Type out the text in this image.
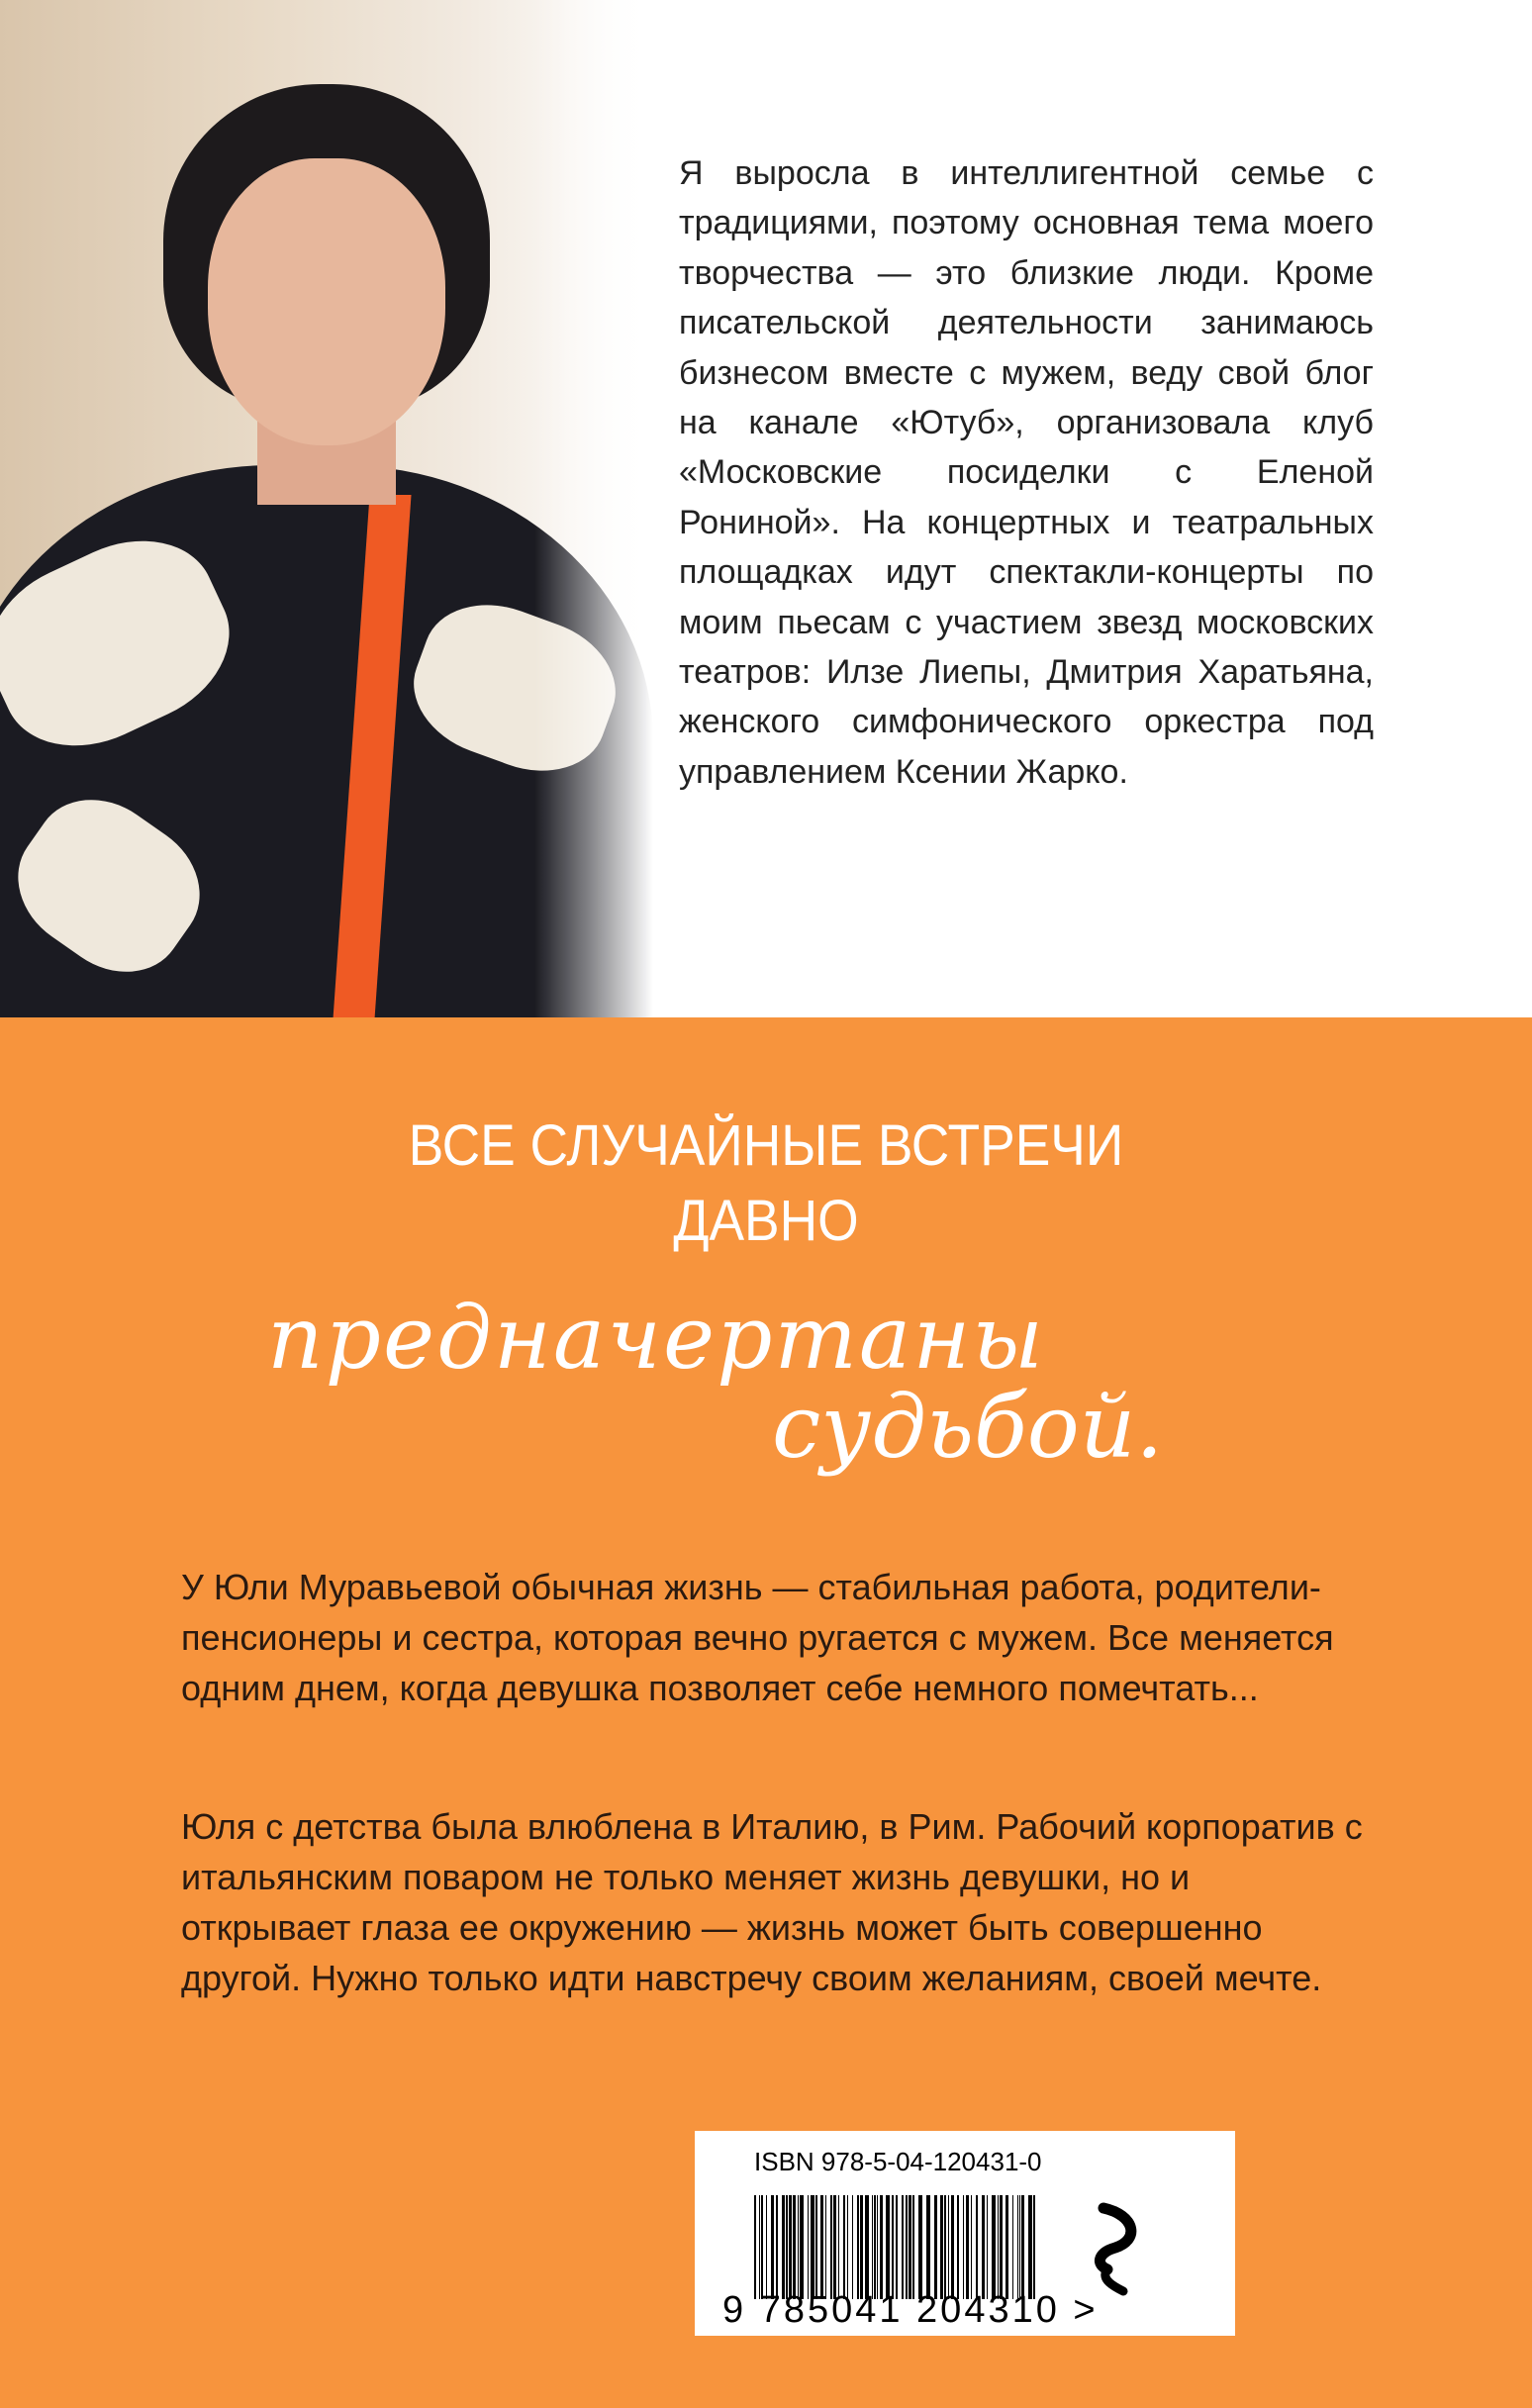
Я выросла в интеллигентной семье с традициями, поэтому основная тема моего творчества — это близкие люди. Кроме писательской деятельности занимаюсь бизнесом вместе с мужем, веду свой блог на канале «Ютуб», организовала клуб «Московские посиделки с Еленой Рониной». На концертных и театральных площадках идут спектакли-концерты по моим пьесам с участием звезд московских театров: Илзе Лиепы, Дмитрия Харатьяна, женского симфонического оркестра под управлением Ксении Жарко.

ВСЕ СЛУЧАЙНЫЕ ВСТРЕЧИ
ДАВНО
предначертаны
судьбой.

У Юли Муравьевой обычная жизнь — стабильная работа, родители-пенсионеры и сестра, которая вечно ругается с мужем. Все меняется одним днем, когда девушка позволяет себе немного помечтать...

Юля с детства была влюблена в Италию, в Рим. Рабочий корпоратив с итальянским поваром не только меняет жизнь девушки, но и открывает глаза ее окружению — жизнь может быть совершенно другой. Нужно только идти навстречу своим желаниям, своей мечте.

ISBN 978-5-04-120431-0
9 785041 204310 >
